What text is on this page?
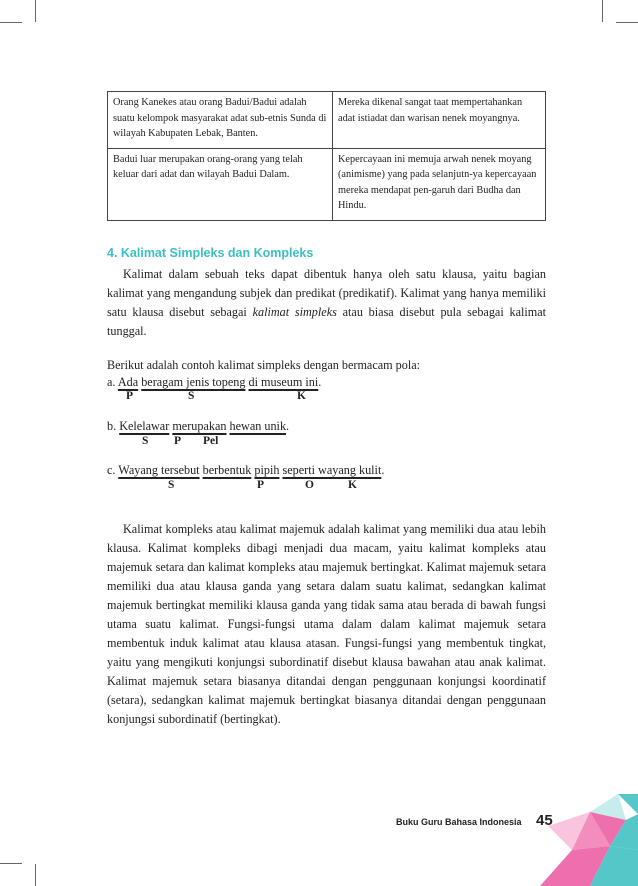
Orang Kanekes atau orang Badui/Badui adalah suatu kelompok masyarakat adat sub-etnis Sunda di wilayah Kabupaten Lebak, Banten.	Mereka dikenal sangat taat mempertahankan adat istiadat dan warisan nenek moyangnya.
Badui luar merupakan orang-orang yang telah keluar dari adat dan wilayah Badui Dalam.	Kepercayaan ini memuja arwah nenek moyang (animisme) yang pada selanjutn-ya kepercayaan mereka mendapat pen-garuh dari Budha dan Hindu.
4. Kalimat Simpleks dan Kompleks

Kalimat dalam sebuah teks dapat dibentuk hanya oleh satu klausa, yaitu bagian kalimat yang mengandung subjek dan predikat (predikatif). Kalimat yang hanya memiliki satu klausa disebut sebagai kalimat simpleks atau biasa disebut pula sebagai kalimat tunggal.

Berikut adalah contoh kalimat simpleks dengan bermacam pola:

a. Ada beragam jenis topeng di museum ini.

P	S	K

b. Kelelawar merupakan hewan unik.

S P Pel

c. Wayang tersebut berbentuk pipih seperti wayang kulit.

S	P	O	K

Kalimat kompleks atau kalimat majemuk adalah kalimat yang memiliki dua atau lebih klausa. Kalimat kompleks dibagi menjadi dua macam, yaitu kalimat kompleks atau majemuk setara dan kalimat kompleks atau majemuk bertingkat. Kalimat majemuk setara memiliki dua atau klausa ganda yang setara dalam suatu kalimat, sedangkan kalimat majemuk bertingkat memiliki klausa ganda yang tidak sama atau berada di bawah fungsi utama suatu kalimat. Fungsi-fungsi utama dalam dalam kalimat majemuk setara membentuk induk kalimat atau klausa atasan. Fungsi-fungsi yang membentuk tingkat, yaitu yang mengikuti konjungsi subordinatif disebut klausa bawahan atau anak kalimat. Kalimat majemuk setara biasanya ditandai dengan penggunaan konjungsi koordinatif (setara), sedangkan kalimat majemuk bertingkat biasanya ditandai dengan penggunaan konjungsi subordinatif (bertingkat).

Buku Guru Bahasa Indonesia 45
